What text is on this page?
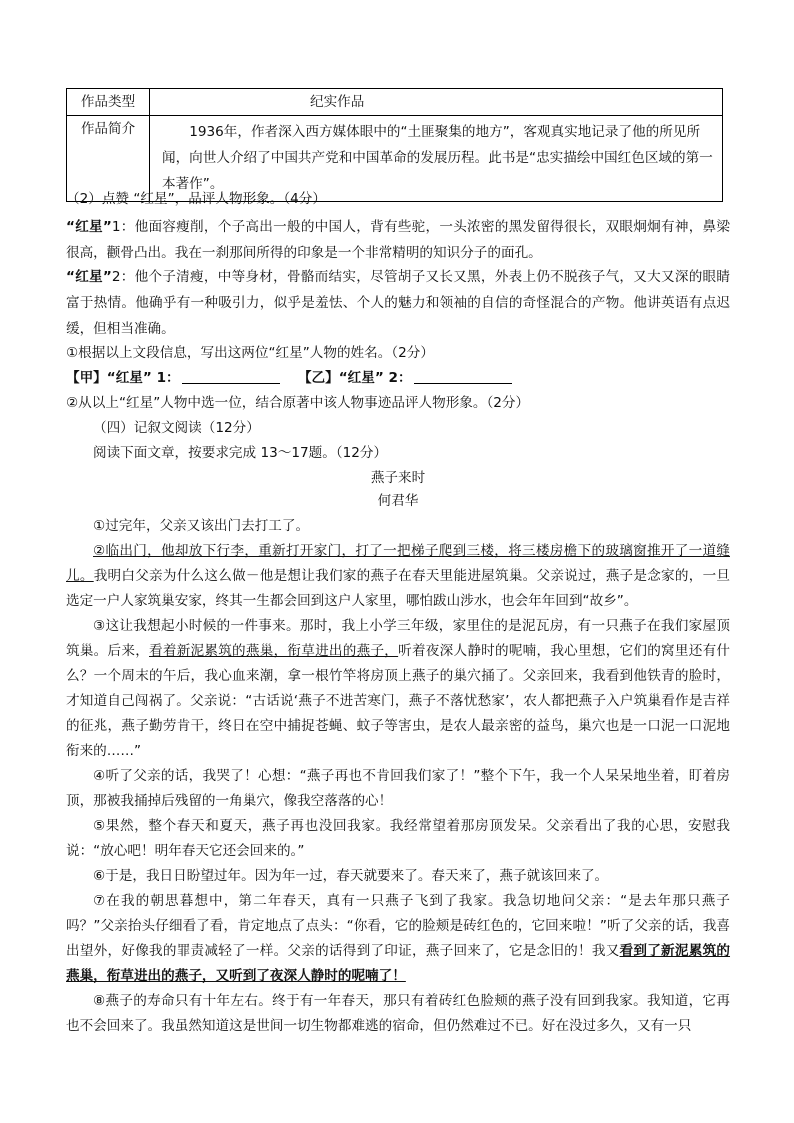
作品类型	纪实作品
作品简介	1936年，作者深入西方媒体眼中的“土匪聚集的地方”，客观真实地记录了他的所见所闻，向世人介绍了中国共产党和中国革命的发展历程。此书是“忠实描绘中国红色区域的第一本著作”。
（2）点赞 “红星”，品评人物形象。（4分）
“红星”1：他面容瘦削，个子高出一般的中国人，背有些驼，一头浓密的黑发留得很长，双眼炯炯有神，鼻梁很高，颧骨凸出。我在一刹那间所得的印象是一个非常精明的知识分子的面孔。
“红星”2：他个子清瘦，中等身材，骨骼而结实，尽管胡子又长又黑，外表上仍不脱孩子气，又大又深的眼睛富于热情。他确乎有一种吸引力，似乎是羞怯、个人的魅力和领袖的自信的奇怪混合的产物。他讲英语有点迟缓，但相当准确。
①根据以上文段信息，写出这两位“红星”人物的姓名。（2分）
【甲】“红星” 1：	【乙】“红星” 2：
②从以上“红星”人物中选一位，结合原著中该人物事迹品评人物形象。（2分）
（四）记叙文阅读（12分）
阅读下面文章，按要求完成 13～17题。（12分）
燕子来时
何君华
①过完年，父亲又该出门去打工了。
②临出门，他却放下行李，重新打开家门，打了一把梯子爬到三楼，将三楼房檐下的玻璃窗推开了一道缝儿。我明白父亲为什么这么做－他是想让我们家的燕子在春天里能进屋筑巢。父亲说过，燕子是念家的，一旦选定一户人家筑巢安家，终其一生都会回到这户人家里，哪怕跋山涉水，也会年年回到“故乡”。
③这让我想起小时候的一件事来。那时，我上小学三年级，家里住的是泥瓦房，有一只燕子在我们家屋顶筑巢。后来，看着新泥累筑的燕巢，衔草进出的燕子，听着夜深人静时的呢喃，我心里想，它们的窝里还有什么？一个周末的午后，我心血来潮，拿一根竹竿将房顶上燕子的巢穴捅了。父亲回来，我看到他铁青的脸时，才知道自己闯祸了。父亲说：“古话说‘燕子不进苦寒门，燕子不落忧愁家’，农人都把燕子入户筑巢看作是吉祥的征兆，燕子勤劳肯干，终日在空中捕捉苍蝇、蚊子等害虫，是农人最亲密的益鸟，巢穴也是一口泥一口泥地衔来的……”
④听了父亲的话，我哭了！心想：“燕子再也不肯回我们家了！”整个下午，我一个人呆呆地坐着，盯着房顶，那被我捅掉后残留的一角巢穴，像我空落落的心！
⑤果然，整个春天和夏天，燕子再也没回我家。我经常望着那房顶发呆。父亲看出了我的心思，安慰我说：“放心吧！明年春天它还会回来的。”
⑥于是，我日日盼望过年。因为年一过，春天就要来了。春天来了，燕子就该回来了。
⑦在我的朝思暮想中，第二年春天，真有一只燕子飞到了我家。我急切地问父亲：“是去年那只燕子吗？”父亲抬头仔细看了看，肯定地点了点头：“你看，它的脸颊是砖红色的，它回来啦！”听了父亲的话，我喜出望外，好像我的罪责减轻了一样。父亲的话得到了印证，燕子回来了，它是念旧的！我又看到了新泥累筑的燕巢，衔草进出的燕子，又听到了夜深人静时的呢喃了！
⑧燕子的寿命只有十年左右。终于有一年春天，那只有着砖红色脸颊的燕子没有回到我家。我知道，它再也不会回来了。我虽然知道这是世间一切生物都难逃的宿命，但仍然难过不已。好在没过多久，又有一只
